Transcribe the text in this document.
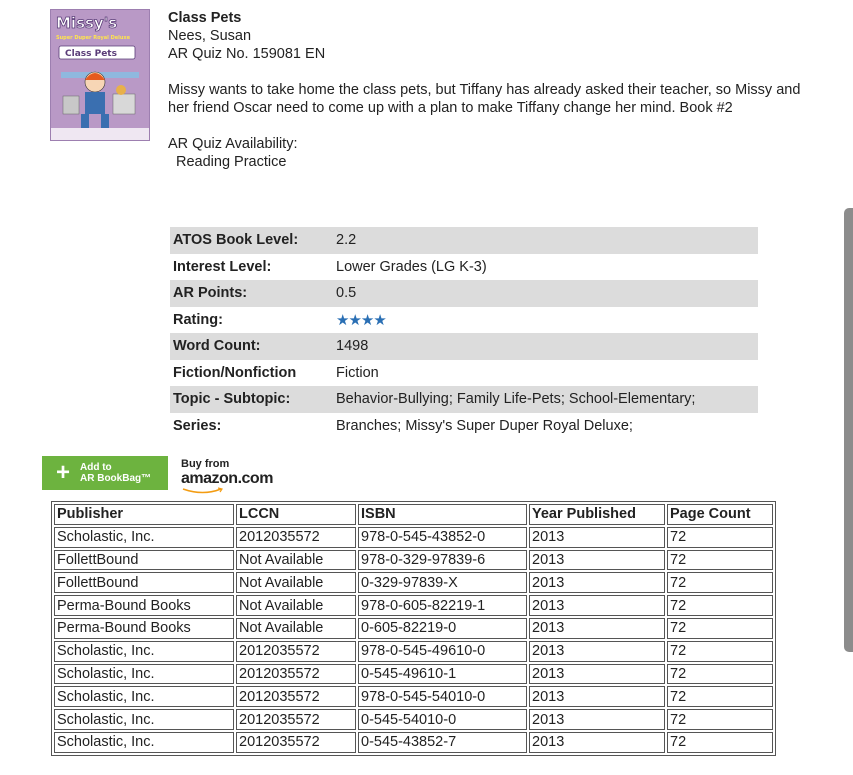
Missy's
Super Duper Royal Deluxe
Class Pets

Class Pets

Nees, Susan

AR Quiz No. 159081 EN

Missy wants to take home the class pets, but Tiffany has already asked their teacher, so Missy and her friend Oscar need to come up with a plan to make Tiffany change her mind. Book #2

AR Quiz Availability:

Reading Practice

ATOS Book Level:	2.2
Interest Level:	Lower Grades (LG K-3)
AR Points:	0.5
Rating:	★★★★
Word Count:	1498
Fiction/Nonfiction	Fiction
Topic - Subtopic:	Behavior-Bullying; Family Life-Pets; School-Elementary;
Series:	Branches; Missy's Super Duper Royal Deluxe;
+	Add to
AR BookBag™
Buy from
amazon.com
Publisher	LCCN	ISBN	Year Published	Page Count
Scholastic, Inc.	2012035572	978-0-545-43852-0	2013	72
FollettBound	Not Available	978-0-329-97839-6	2013	72
FollettBound	Not Available	0-329-97839-X	2013	72
Perma-Bound Books	Not Available	978-0-605-82219-1	2013	72
Perma-Bound Books	Not Available	0-605-82219-0	2013	72
Scholastic, Inc.	2012035572	978-0-545-49610-0	2013	72
Scholastic, Inc.	2012035572	0-545-49610-1	2013	72
Scholastic, Inc.	2012035572	978-0-545-54010-0	2013	72
Scholastic, Inc.	2012035572	0-545-54010-0	2013	72
Scholastic, Inc.	2012035572	0-545-43852-7	2013	72
